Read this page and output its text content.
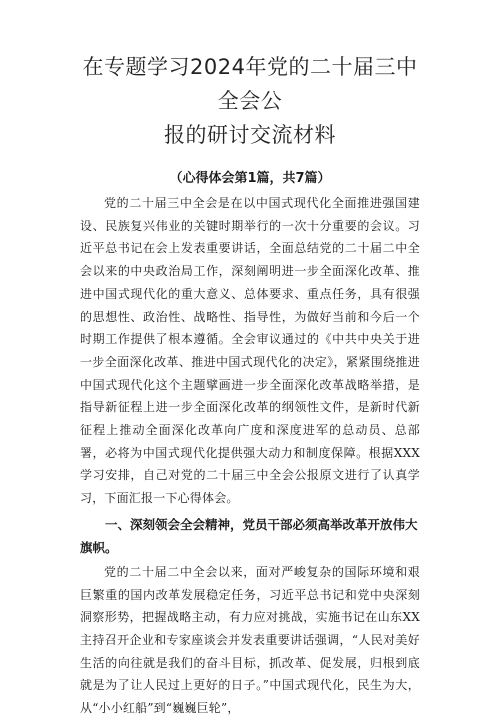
在专题学习2024年党的二十届三中全会公
报的研讨交流材料
（心得体会第1篇，共7篇）

党的二十届三中全会是在以中国式现代化全面推进强国建设、民族复兴伟业的关键时期举行的一次十分重要的会议。习近平总书记在会上发表重要讲话，全面总结党的二十届二中全会以来的中央政治局工作，深刻阐明进一步全面深化改革、推进中国式现代化的重大意义、总体要求、重点任务，具有很强的思想性、政治性、战略性、指导性，为做好当前和今后一个时期工作提供了根本遵循。全会审议通过的《中共中央关于进一步全面深化改革、推进中国式现代化的决定》，紧紧围绕推进中国式现代化这个主题擘画进一步全面深化改革战略举措，是指导新征程上进一步全面深化改革的纲领性文件，是新时代新征程上推动全面深化改革向广度和深度进军的总动员、总部署，必将为中国式现代化提供强大动力和制度保障。根据XXX学习安排，自己对党的二十届三中全会公报原文进行了认真学习，下面汇报一下心得体会。

一、深刻领会全会精神，党员干部必须高举改革开放伟大旗帜。

党的二十届二中全会以来，面对严峻复杂的国际环境和艰巨繁重的国内改革发展稳定任务，习近平总书记和党中央深刻洞察形势，把握战略主动，有力应对挑战，实施书记在山东XX主持召开企业和专家座谈会并发表重要讲话强调，“人民对美好生活的向往就是我们的奋斗目标，抓改革、促发展，归根到底就是为了让人民过上更好的日子。”中国式现代化，民生为大，从“小小红船”到“巍巍巨轮”，
